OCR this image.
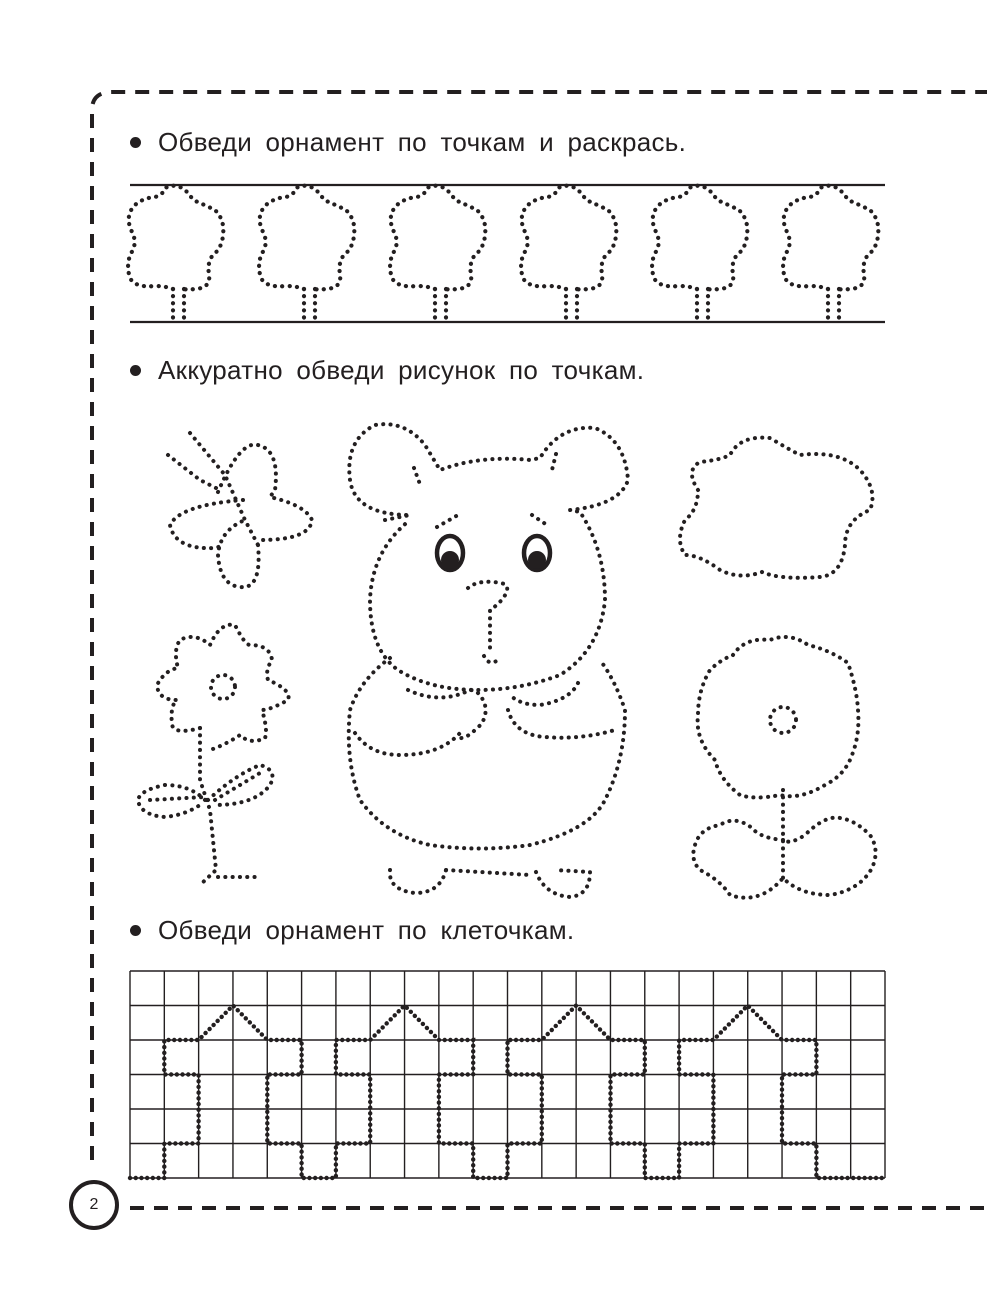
Обведи орнамент по точкам и раскрась.
Аккуратно обведи рисунок по точкам.
Обведи орнамент по клеточкам.
2
